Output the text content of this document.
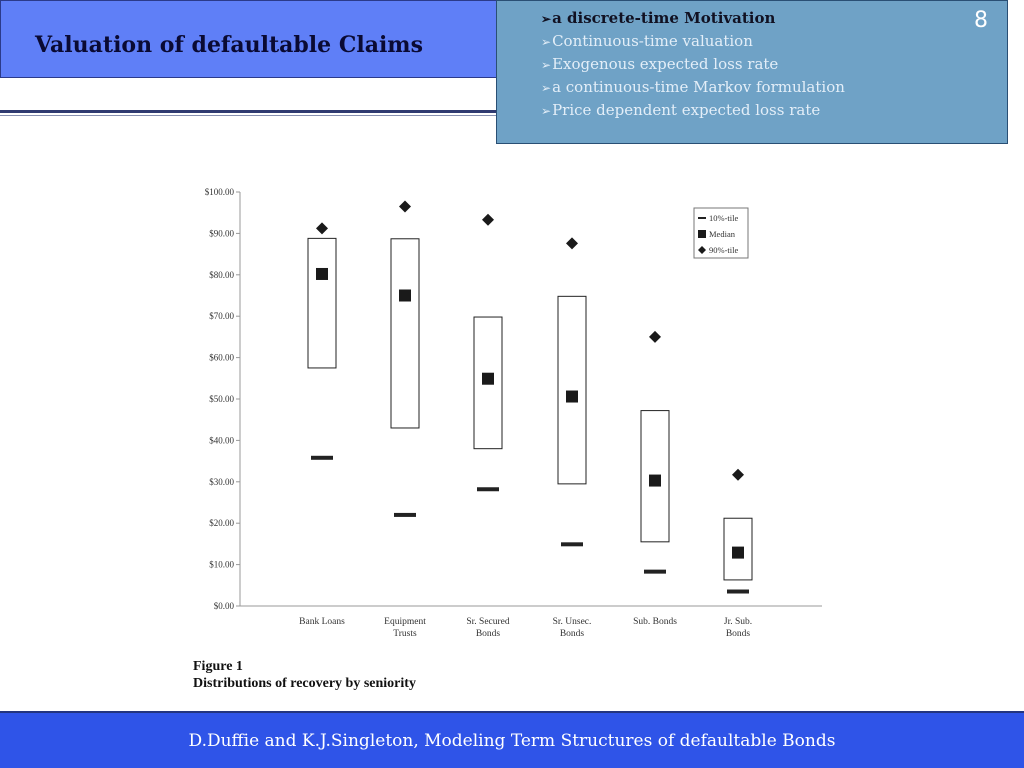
Valuation of defaultable Claims
➢a discrete-time Motivation
➢Continuous-time valuation
➢Exogenous expected loss rate
➢a continuous-time Markov formulation
➢Price dependent expected loss rate
8
$0.00
$10.00
$20.00
$30.00
$40.00
$50.00
$60.00
$70.00
$80.00
$90.00
$100.00
Bank Loans	Equipment
Trusts
Sr. Secured
Bonds
Sr. Unsec.
Bonds
Sub. Bonds	Jr. Sub.
Bonds
10%-tile
Median
90%-tile
Figure 1
Distributions of recovery by seniority
D.Duffie and K.J.Singleton, Modeling Term Structures of defaultable Bonds
